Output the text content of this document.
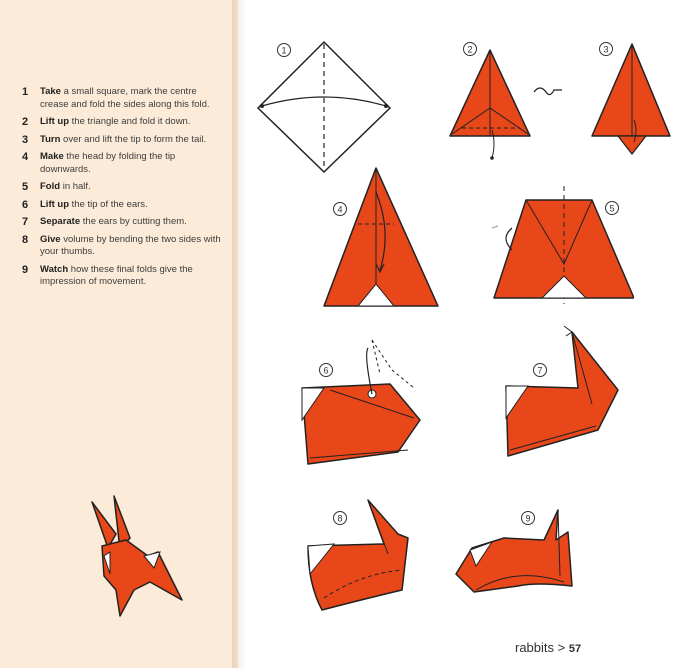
1	Take a small square, mark the centre crease and fold the sides along this fold.
2	Lift up the triangle and fold it down.
3	Turn over and lift the tip to form the tail.
4	Make the head by folding the tip downwards.
5	Fold in half.
6	Lift up the tip of the ears.
7	Separate the ears by cutting them.
8	Give volume by bending the two sides with your thumbs.
9	Watch how these final folds give the impression of movement.
1	2	3
4	5
6	7
8	9
rabbits > 57
